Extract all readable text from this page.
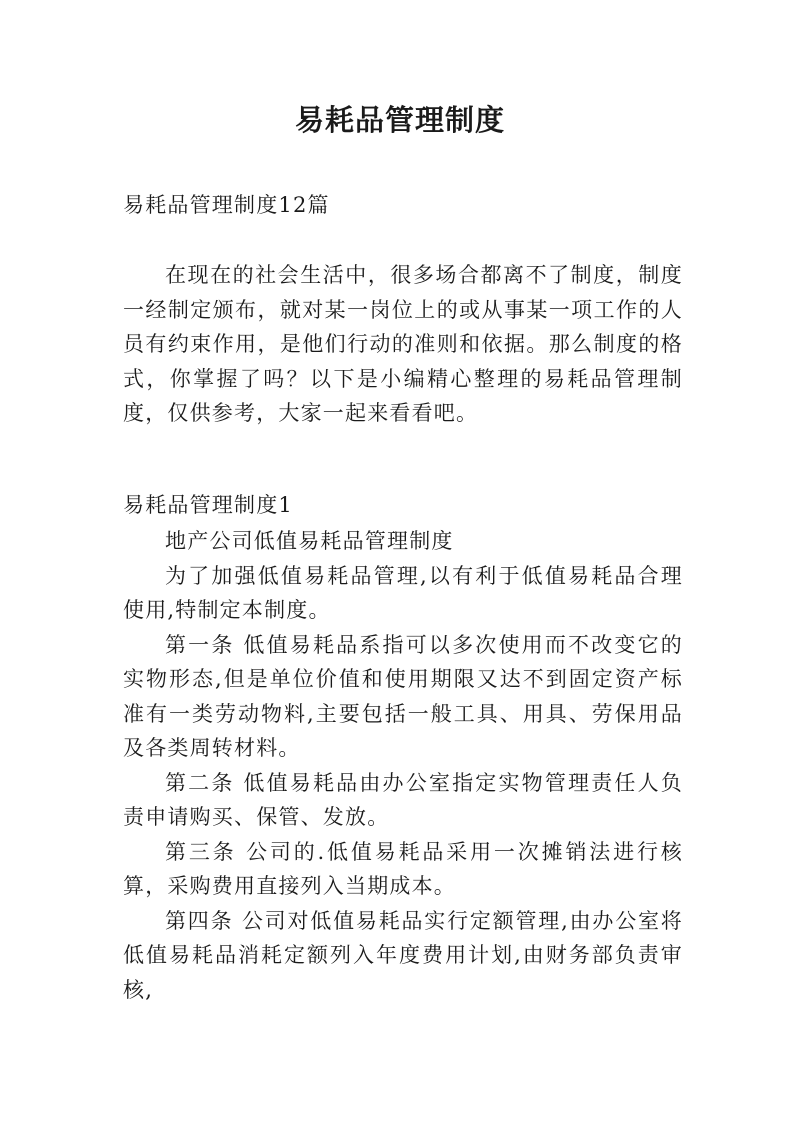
易耗品管理制度
易耗品管理制度12篇
在现在的社会生活中，很多场合都离不了制度，制度一经制定颁布，就对某一岗位上的或从事某一项工作的人员有约束作用，是他们行动的准则和依据。那么制度的格式，你掌握了吗？以下是小编精心整理的易耗品管理制度，仅供参考，大家一起来看看吧。
易耗品管理制度1

地产公司低值易耗品管理制度

为了加强低值易耗品管理,以有利于低值易耗品合理使用,特制定本制度。

第一条 低值易耗品系指可以多次使用而不改变它的实物形态,但是单位价值和使用期限又达不到固定资产标准有一类劳动物料,主要包括一般工具、用具、劳保用品及各类周转材料。

第二条 低值易耗品由办公室指定实物管理责任人负责申请购买、保管、发放。

第三条 公司的.低值易耗品采用一次摊销法进行核算，采购费用直接列入当期成本。

第四条 公司对低值易耗品实行定额管理,由办公室将低值易耗品消耗定额列入年度费用计划,由财务部负责审核,
